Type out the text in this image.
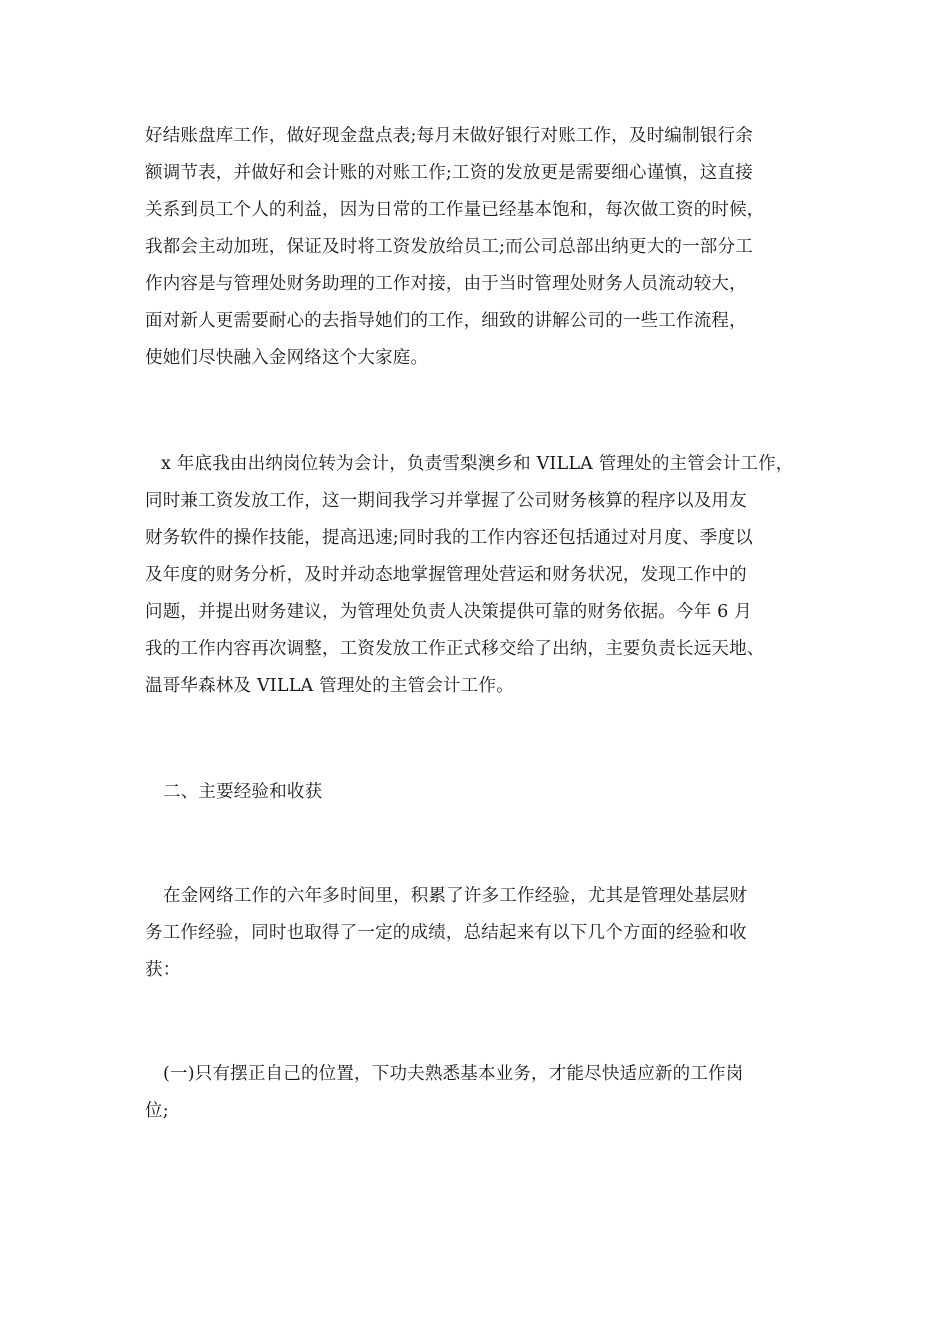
好结账盘库工作，做好现金盘点表;每月末做好银行对账工作，及时编制银行余
额调节表，并做好和会计账的对账工作;工资的发放更是需要细心谨慎，这直接
关系到员工个人的利益，因为日常的工作量已经基本饱和，每次做工资的时候，
我都会主动加班，保证及时将工资发放给员工;而公司总部出纳更大的一部分工
作内容是与管理处财务助理的工作对接，由于当时管理处财务人员流动较大，
面对新人更需要耐心的去指导她们的工作，细致的讲解公司的一些工作流程，
使她们尽快融入金网络这个大家庭。
x 年底我由出纳岗位转为会计，负责雪梨澳乡和 VILLA 管理处的主管会计工作，
同时兼工资发放工作，这一期间我学习并掌握了公司财务核算的程序以及用友
财务软件的操作技能，提高迅速;同时我的工作内容还包括通过对月度、季度以
及年度的财务分析，及时并动态地掌握管理处营运和财务状况，发现工作中的
问题，并提出财务建议，为管理处负责人决策提供可靠的财务依据。今年 6 月
我的工作内容再次调整，工资发放工作正式移交给了出纳，主要负责长远天地、
温哥华森林及 VILLA 管理处的主管会计工作。
二、主要经验和收获
在金网络工作的六年多时间里，积累了许多工作经验，尤其是管理处基层财
务工作经验，同时也取得了一定的成绩，总结起来有以下几个方面的经验和收
获：
(一)只有摆正自己的位置，下功夫熟悉基本业务，才能尽快适应新的工作岗
位;
